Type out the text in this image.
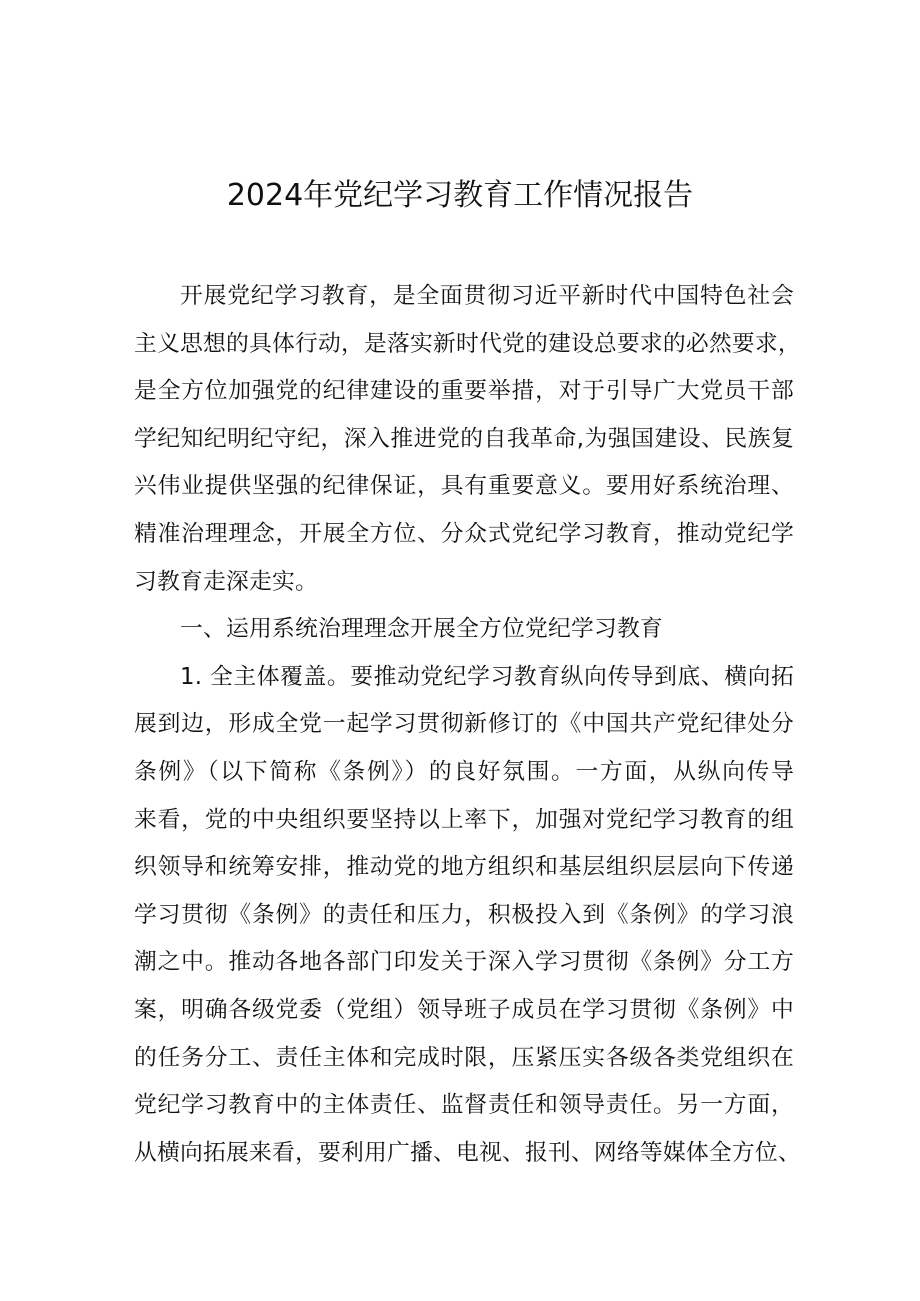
2024年党纪学习教育工作情况报告
开展党纪学习教育，是全面贯彻习近平新时代中国特色社会
主义思想的具体行动，是落实新时代党的建设总要求的必然要求，
是全方位加强党的纪律建设的重要举措，对于引导广大党员干部
学纪知纪明纪守纪，深入推进党的自我革命,为强国建设、民族复
兴伟业提供坚强的纪律保证，具有重要意义。要用好系统治理、
精准治理理念，开展全方位、分众式党纪学习教育，推动党纪学
习教育走深走实。
一、运用系统治理理念开展全方位党纪学习教育
1. 全主体覆盖。要推动党纪学习教育纵向传导到底、横向拓
展到边，形成全党一起学习贯彻新修订的《中国共产党纪律处分
条例》（以下简称《条例》）的良好氛围。一方面，从纵向传导
来看，党的中央组织要坚持以上率下，加强对党纪学习教育的组
织领导和统筹安排，推动党的地方组织和基层组织层层向下传递
学习贯彻《条例》的责任和压力，积极投入到《条例》的学习浪
潮之中。推动各地各部门印发关于深入学习贯彻《条例》分工方
案，明确各级党委（党组）领导班子成员在学习贯彻《条例》中
的任务分工、责任主体和完成时限，压紧压实各级各类党组织在
党纪学习教育中的主体责任、监督责任和领导责任。另一方面，
从横向拓展来看，要利用广播、电视、报刊、网络等媒体全方位、
